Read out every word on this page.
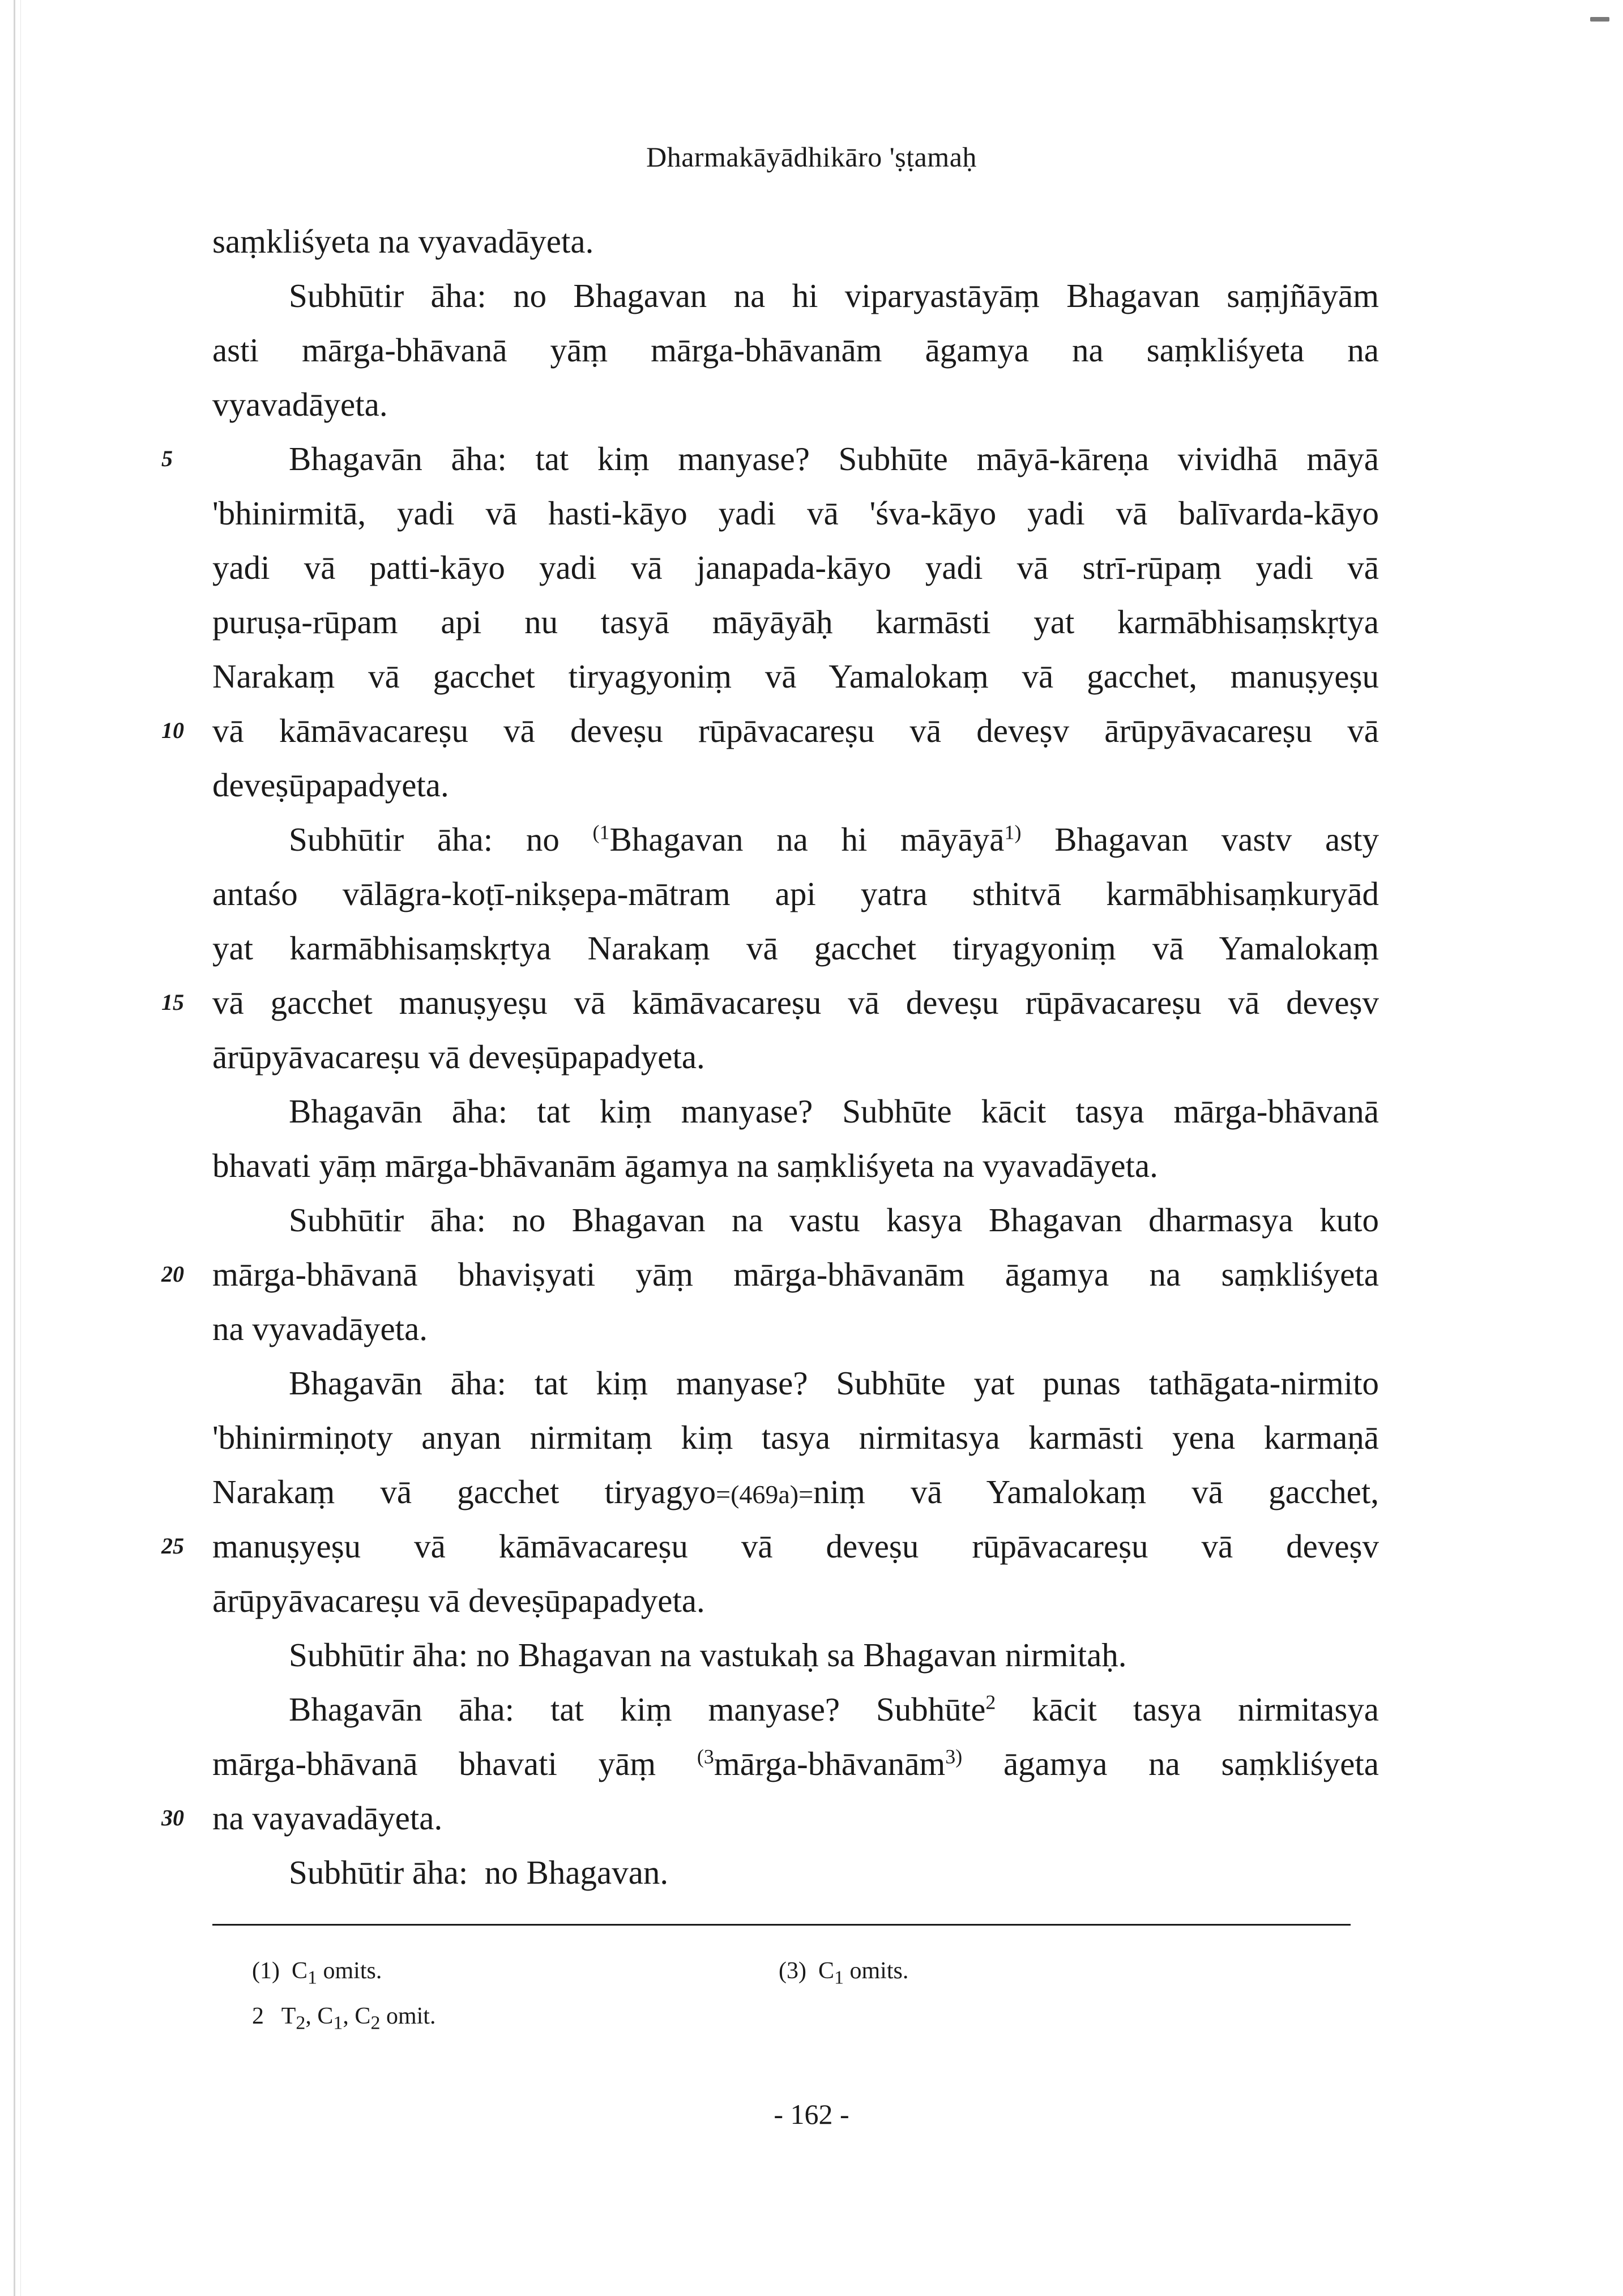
Dharmakāyādhikāro 'ṣṭamaḥ
saṃkliśyeta na vyavadāyeta.
Subhūtir āha: no Bhagavan na hi viparyastāyāṃ Bhagavan saṃjñāyām
asti mārga-bhāvanā yāṃ mārga-bhāvanām āgamya na saṃkliśyeta na
vyavadāyeta.
5	Bhagavān āha: tat kiṃ manyase? Subhūte māyā-kāreṇa vividhā māyā
'bhinirmitā, yadi vā hasti-kāyo yadi vā 'śva-kāyo yadi vā balīvarda-kāyo
yadi vā patti-kāyo yadi vā janapada-kāyo yadi vā strī-rūpaṃ yadi vā
puruṣa-rūpam api nu tasyā māyāyāḥ karmāsti yat karmābhisaṃskṛtya
Narakaṃ vā gacchet tiryagyoniṃ vā Yamalokaṃ vā gacchet, manuṣyeṣu
10 vā kāmāvacareṣu vā deveṣu rūpāvacareṣu vā deveṣv ārūpyāvacareṣu vā
deveṣūpapadyeta.
Subhūtir āha: no $^{(1}$Bhagavan na hi māyāyā$^{1)}$ Bhagavan vastv asty
antaśo vālāgra-koṭī-nikṣepa-mātram api yatra sthitvā karmābhisaṃkuryād
yat karmābhisaṃskṛtya Narakaṃ vā gacchet tiryagyoniṃ vā Yamalokaṃ
15 vā gacchet manuṣyeṣu vā kāmāvacareṣu vā deveṣu rūpāvacareṣu vā deveṣv
ārūpyāvacareṣu vā deveṣūpapadyeta.
Bhagavān āha: tat kiṃ manyase? Subhūte kācit tasya mārga-bhāvanā
bhavati yāṃ mārga-bhāvanām āgamya na saṃkliśyeta na vyavadāyeta.
Subhūtir āha: no Bhagavan na vastu kasya Bhagavan dharmasya kuto
20 mārga-bhāvanā bhaviṣyati yāṃ mārga-bhāvanām āgamya na saṃkliśyeta
na vyavadāyeta.
Bhagavān āha: tat kiṃ manyase? Subhūte yat punas tathāgata-nirmito
'bhinirmiṇoty anyan nirmitaṃ kiṃ tasya nirmitasya karmāsti yena karmaṇā
Narakaṃ vā gacchet tiryagyo=(469a)=niṃ vā Yamalokaṃ vā gacchet,
25 manuṣyeṣu vā kāmāvacareṣu vā deveṣu rūpāvacareṣu vā deveṣv
ārūpyāvacareṣu vā deveṣūpapadyeta.
Subhūtir āha: no Bhagavan na vastukaḥ sa Bhagavan nirmitaḥ.
Bhagavān āha: tat kiṃ manyase? Subhūte$^2$ kācit tasya nirmitasya
mārga-bhāvanā bhavati yāṃ $^{(3}$mārga-bhāvanām$^{3)}$ āgamya na saṃkliśyeta
30 na vayavadāyeta.
Subhūtir āha:  no Bhagavan.
(1)  $C_1$ omits.	(3)  $C_1$ omits.
2   $T_2$, $C_1$, $C_2$ omit.
- 162 -
